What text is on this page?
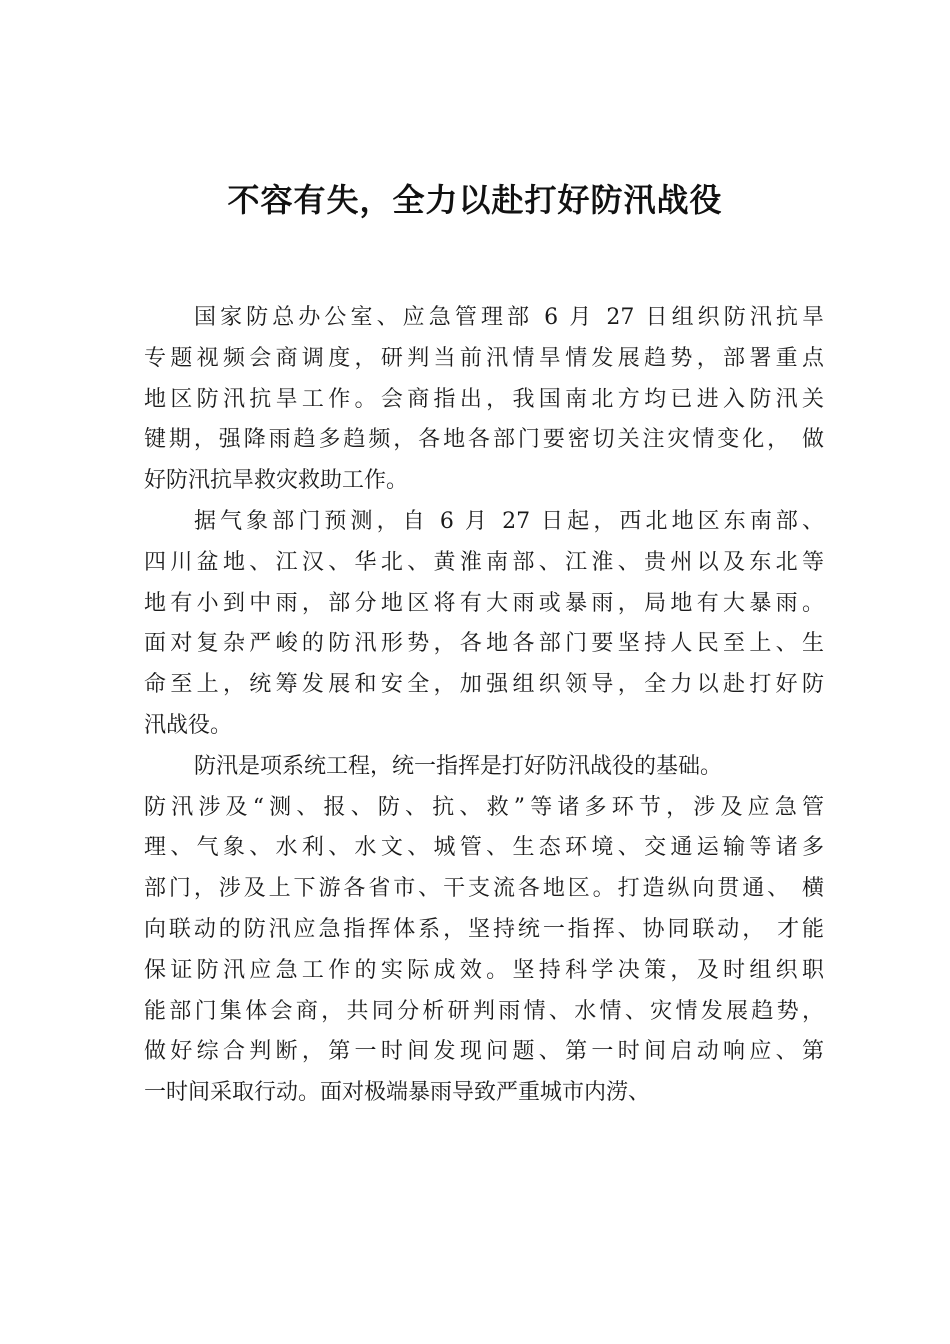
不容有失，全力以赴打好防汛战役
国家防总办公室、应急管理部 6 月 27 日组织防汛抗旱
专题视频会商调度，研判当前汛情旱情发展趋势，部署重点
地区防汛抗旱工作。会商指出，我国南北方均已进入防汛关
键期，强降雨趋多趋频，各地各部门要密切关注灾情变化， 做
好防汛抗旱救灾救助工作。
据气象部门预测，自 6 月 27 日起，西北地区东南部、
四川盆地、江汉、华北、黄淮南部、江淮、贵州以及东北等
地有小到中雨，部分地区将有大雨或暴雨，局地有大暴雨。
面对复杂严峻的防汛形势，各地各部门要坚持人民至上、生
命至上，统筹发展和安全，加强组织领导，全力以赴打好防
汛战役。
防汛是项系统工程，统一指挥是打好防汛战役的基础。
防汛涉及“测、报、防、抗、救”等诸多环节，涉及应急管
理、气象、水利、水文、城管、生态环境、交通运输等诸多
部门，涉及上下游各省市、干支流各地区。打造纵向贯通、 横
向联动的防汛应急指挥体系，坚持统一指挥、协同联动， 才能
保证防汛应急工作的实际成效。坚持科学决策，及时组织职
能部门集体会商，共同分析研判雨情、水情、灾情发展趋势，
做好综合判断，第一时间发现问题、第一时间启动响应、第
一时间采取行动。面对极端暴雨导致严重城市内涝、
